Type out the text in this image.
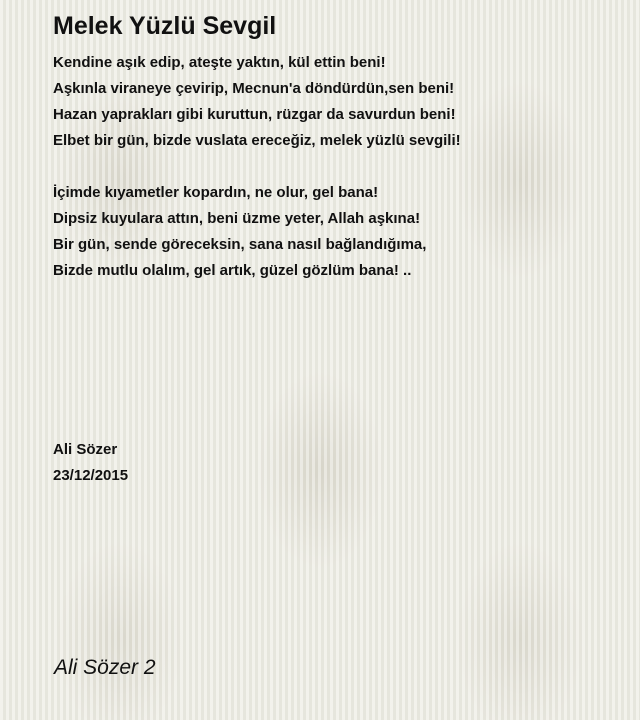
Melek Yüzlü Sevgil

Kendine aşık edip, ateşte yaktın, kül ettin beni!
Aşkınla viraneye çevirip, Mecnun'a döndürdün,sen beni!
Hazan yaprakları gibi kuruttun, rüzgar da savurdun beni!
Elbet bir gün, bizde vuslata ereceğiz, melek yüzlü sevgili!

İçimde kıyametler kopardın, ne olur, gel bana!
Dipsiz kuyulara attın, beni üzme yeter, Allah aşkına!
Bir gün, sende göreceksin, sana nasıl bağlandığıma,
Bizde mutlu olalım, gel artık, güzel gözlüm bana! ..

Ali Sözer
23/12/2015
Ali Sözer 2
